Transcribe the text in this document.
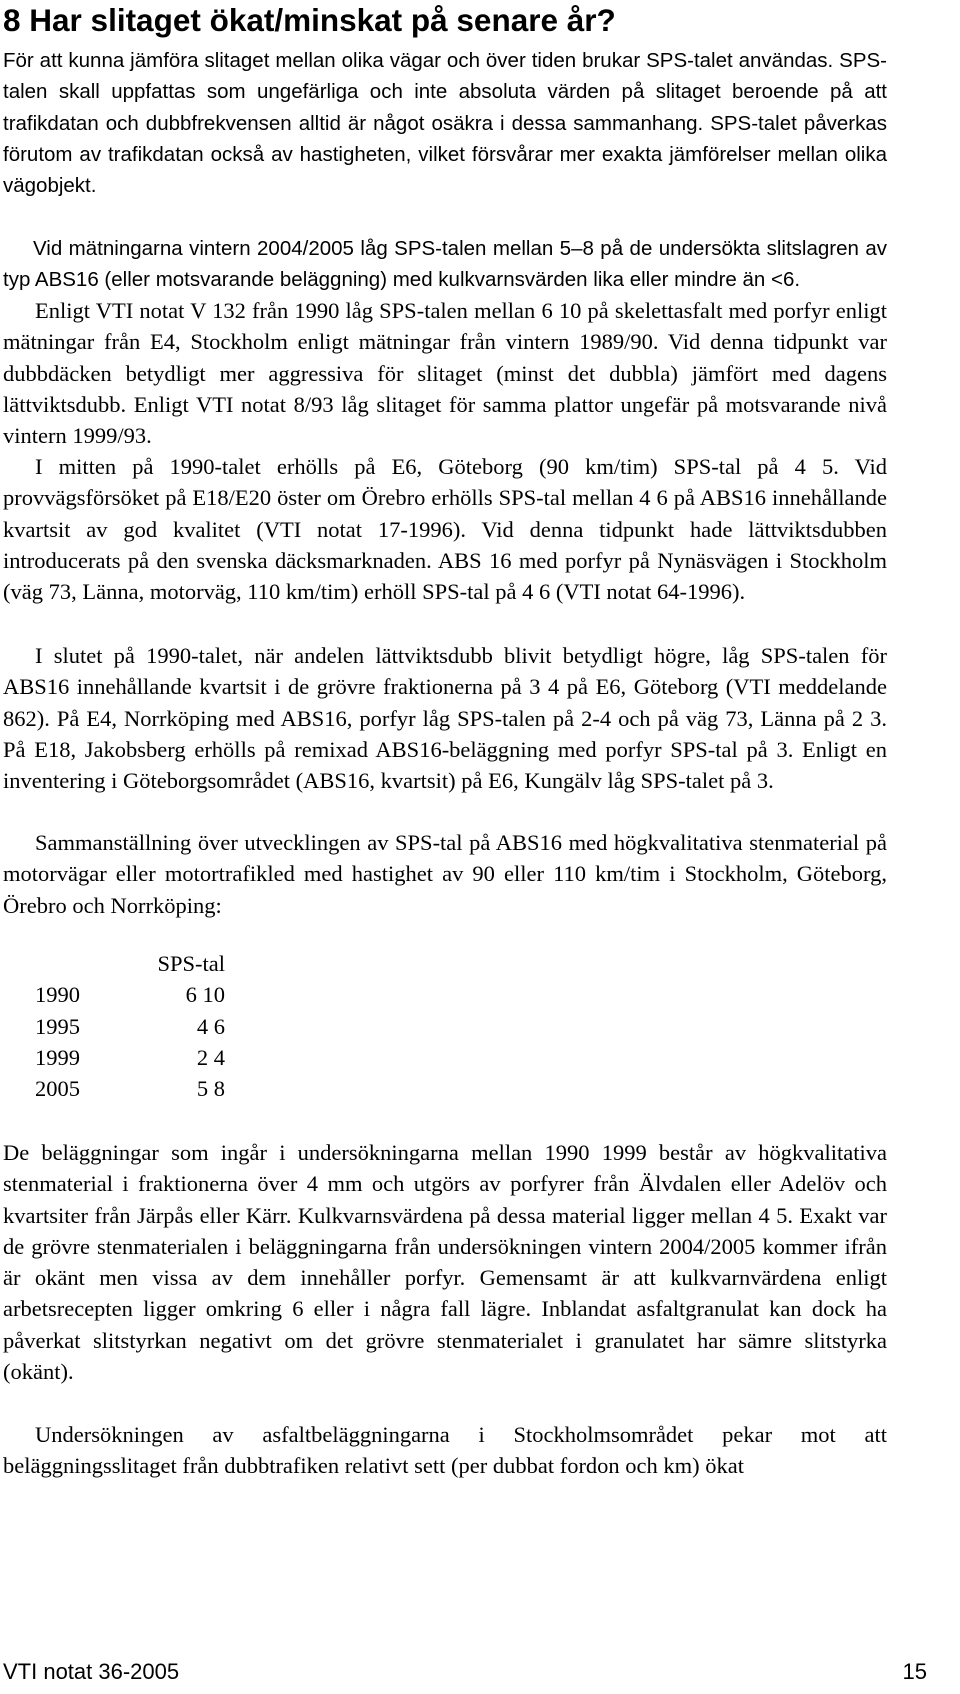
8 Har slitaget ökat/minskat på senare år?

För att kunna jämföra slitaget mellan olika vägar och över tiden brukar SPS-talet användas. SPS-talen skall uppfattas som ungefärliga och inte absoluta värden på slitaget beroende på att trafikdatan och dubbfrekvensen alltid är något osäkra i dessa sammanhang. SPS-talet påverkas förutom av trafikdatan också av hastigheten, vilket försvårar mer exakta jämförelser mellan olika vägobjekt.

Vid mätningarna vintern 2004/2005 låg SPS-talen mellan 5–8 på de undersökta slitslagren av typ ABS16 (eller motsvarande beläggning) med kulkvarnsvärden lika eller mindre än <6.

Enligt VTI notat V 132 från 1990 låg SPS-talen mellan 6 10 på skelettasfalt med porfyr enligt mätningar från E4, Stockholm enligt mätningar från vintern 1989/90. Vid denna tidpunkt var dubbdäcken betydligt mer aggressiva för slitaget (minst det dubbla) jämfört med dagens lättviktsdubb. Enligt VTI notat 8/93 låg slitaget för samma plattor ungefär på motsvarande nivå vintern 1999/93.

I mitten på 1990-talet erhölls på E6, Göteborg (90 km/tim) SPS-tal på 4 5. Vid provvägsförsöket på E18/E20 öster om Örebro erhölls SPS-tal mellan 4 6 på ABS16 innehållande kvartsit av god kvalitet (VTI notat 17-1996). Vid denna tidpunkt hade lättviktsdubben introducerats på den svenska däcksmarknaden. ABS 16 med porfyr på Nynäsvägen i Stockholm (väg 73, Länna, motorväg, 110 km/tim) erhöll SPS-tal på 4 6 (VTI notat 64-1996).

I slutet på 1990-talet, när andelen lättviktsdubb blivit betydligt högre, låg SPS-talen för ABS16 innehållande kvartsit i de grövre fraktionerna på 3 4 på E6, Göteborg (VTI meddelande 862). På E4, Norrköping med ABS16, porfyr låg SPS-talen på 2-4 och på väg 73, Länna på 2 3. På E18, Jakobsberg erhölls på remixad ABS16-beläggning med porfyr SPS-tal på 3. Enligt en inventering i Göteborgsområdet (ABS16, kvartsit) på E6, Kungälv låg SPS-talet på 3.

Sammanställning över utvecklingen av SPS-tal på ABS16 med högkvalitativa stenmaterial på motorvägar eller motortrafikled med hastighet av 90 eller 110 km/tim i Stockholm, Göteborg, Örebro och Norrköping:

	SPS-tal
1990	6 10
1995	4 6
1999	2 4
2005	5 8

De beläggningar som ingår i undersökningarna mellan 1990 1999 består av högkvalitativa stenmaterial i fraktionerna över 4 mm och utgörs av porfyrer från Älvdalen eller Adelöv och kvartsiter från Järpås eller Kärr. Kulkvarnsvärdena på dessa material ligger mellan 4 5. Exakt var de grövre stenmaterialen i beläggningarna från undersökningen vintern 2004/2005 kommer ifrån är okänt men vissa av dem innehåller porfyr. Gemensamt är att kulkvarnvärdena enligt arbetsrecepten ligger omkring 6 eller i några fall lägre. Inblandat asfaltgranulat kan dock ha påverkat slitstyrkan negativt om det grövre stenmaterialet i granulatet har sämre slitstyrka (okänt).

Undersökningen av asfaltbeläggningarna i Stockholmsområdet pekar mot att beläggningsslitaget från dubbtrafiken relativt sett (per dubbat fordon och km) ökat

VTI notat 36-2005	15
